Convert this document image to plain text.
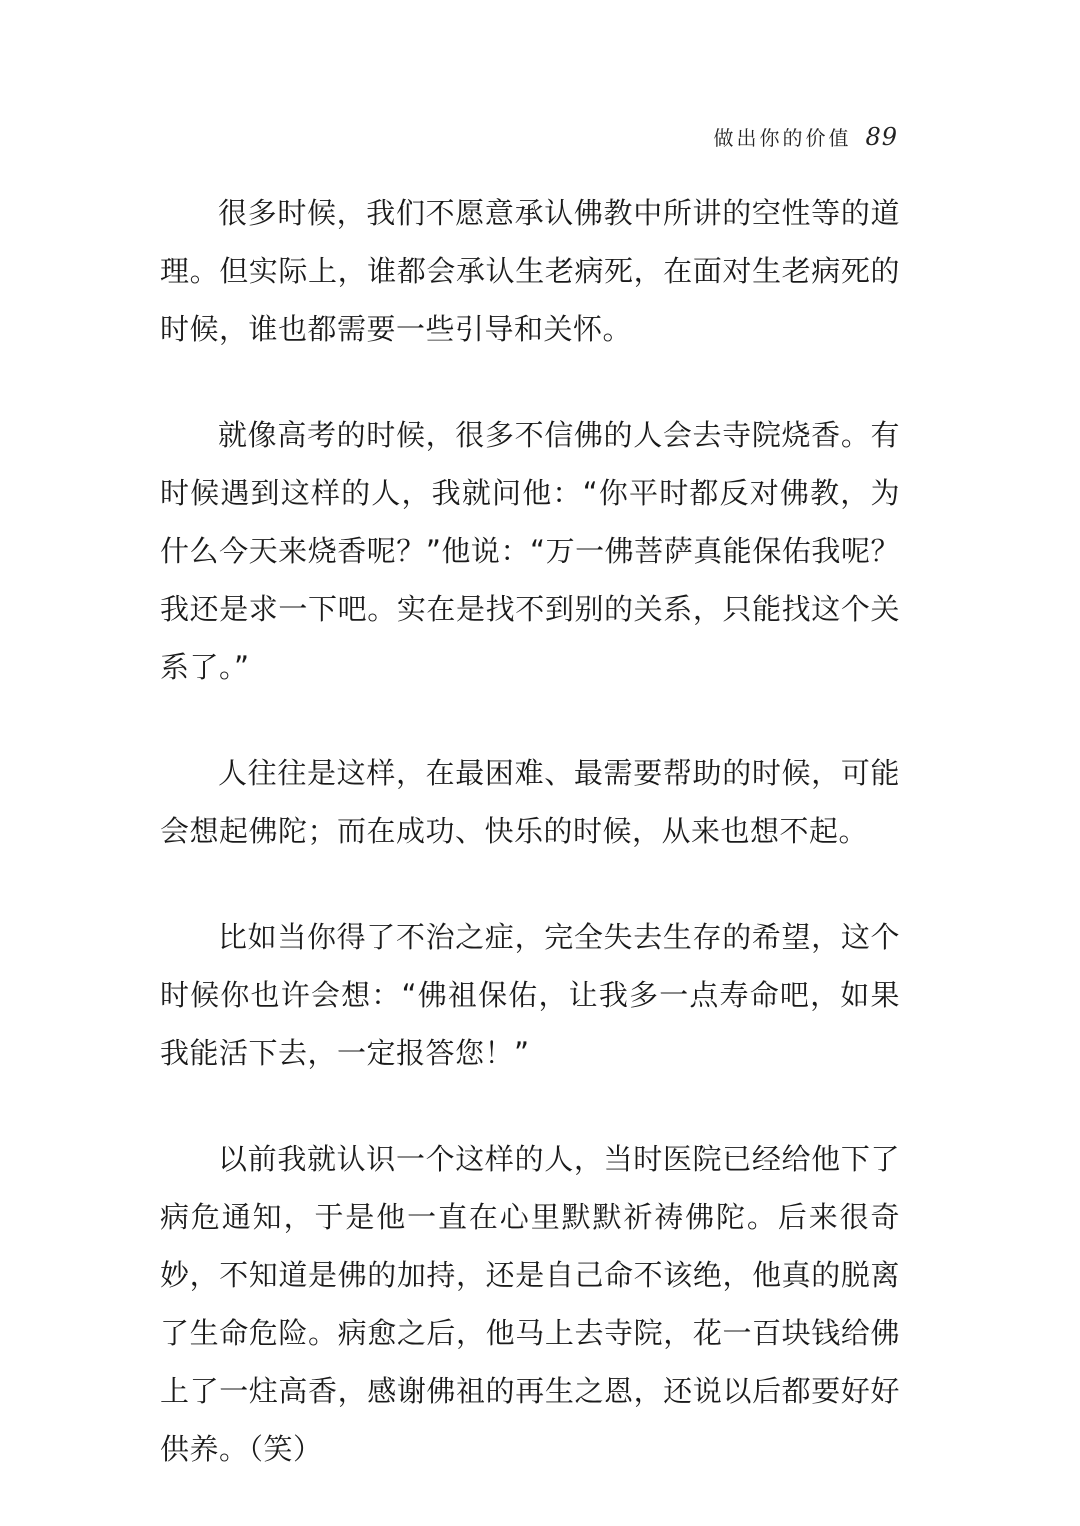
做出你的价值 89

很多时候，我们不愿意承认佛教中所讲的空性等的道理。但实际上，谁都会承认生老病死，在面对生老病死的时候，谁也都需要一些引导和关怀。

就像高考的时候，很多不信佛的人会去寺院烧香。有时候遇到这样的人，我就问他：“你平时都反对佛教，为什么今天来烧香呢？”他说：“万一佛菩萨真能保佑我呢？我还是求一下吧。实在是找不到别的关系，只能找这个关系了。”

人往往是这样，在最困难、最需要帮助的时候，可能会想起佛陀；而在成功、快乐的时候，从来也想不起。

比如当你得了不治之症，完全失去生存的希望，这个时候你也许会想：“佛祖保佑，让我多一点寿命吧，如果我能活下去，一定报答您！”

以前我就认识一个这样的人，当时医院已经给他下了病危通知，于是他一直在心里默默祈祷佛陀。后来很奇妙，不知道是佛的加持，还是自己命不该绝，他真的脱离了生命危险。病愈之后，他马上去寺院，花一百块钱给佛上了一炷高香，感谢佛祖的再生之恩，还说以后都要好好供养。（笑）
